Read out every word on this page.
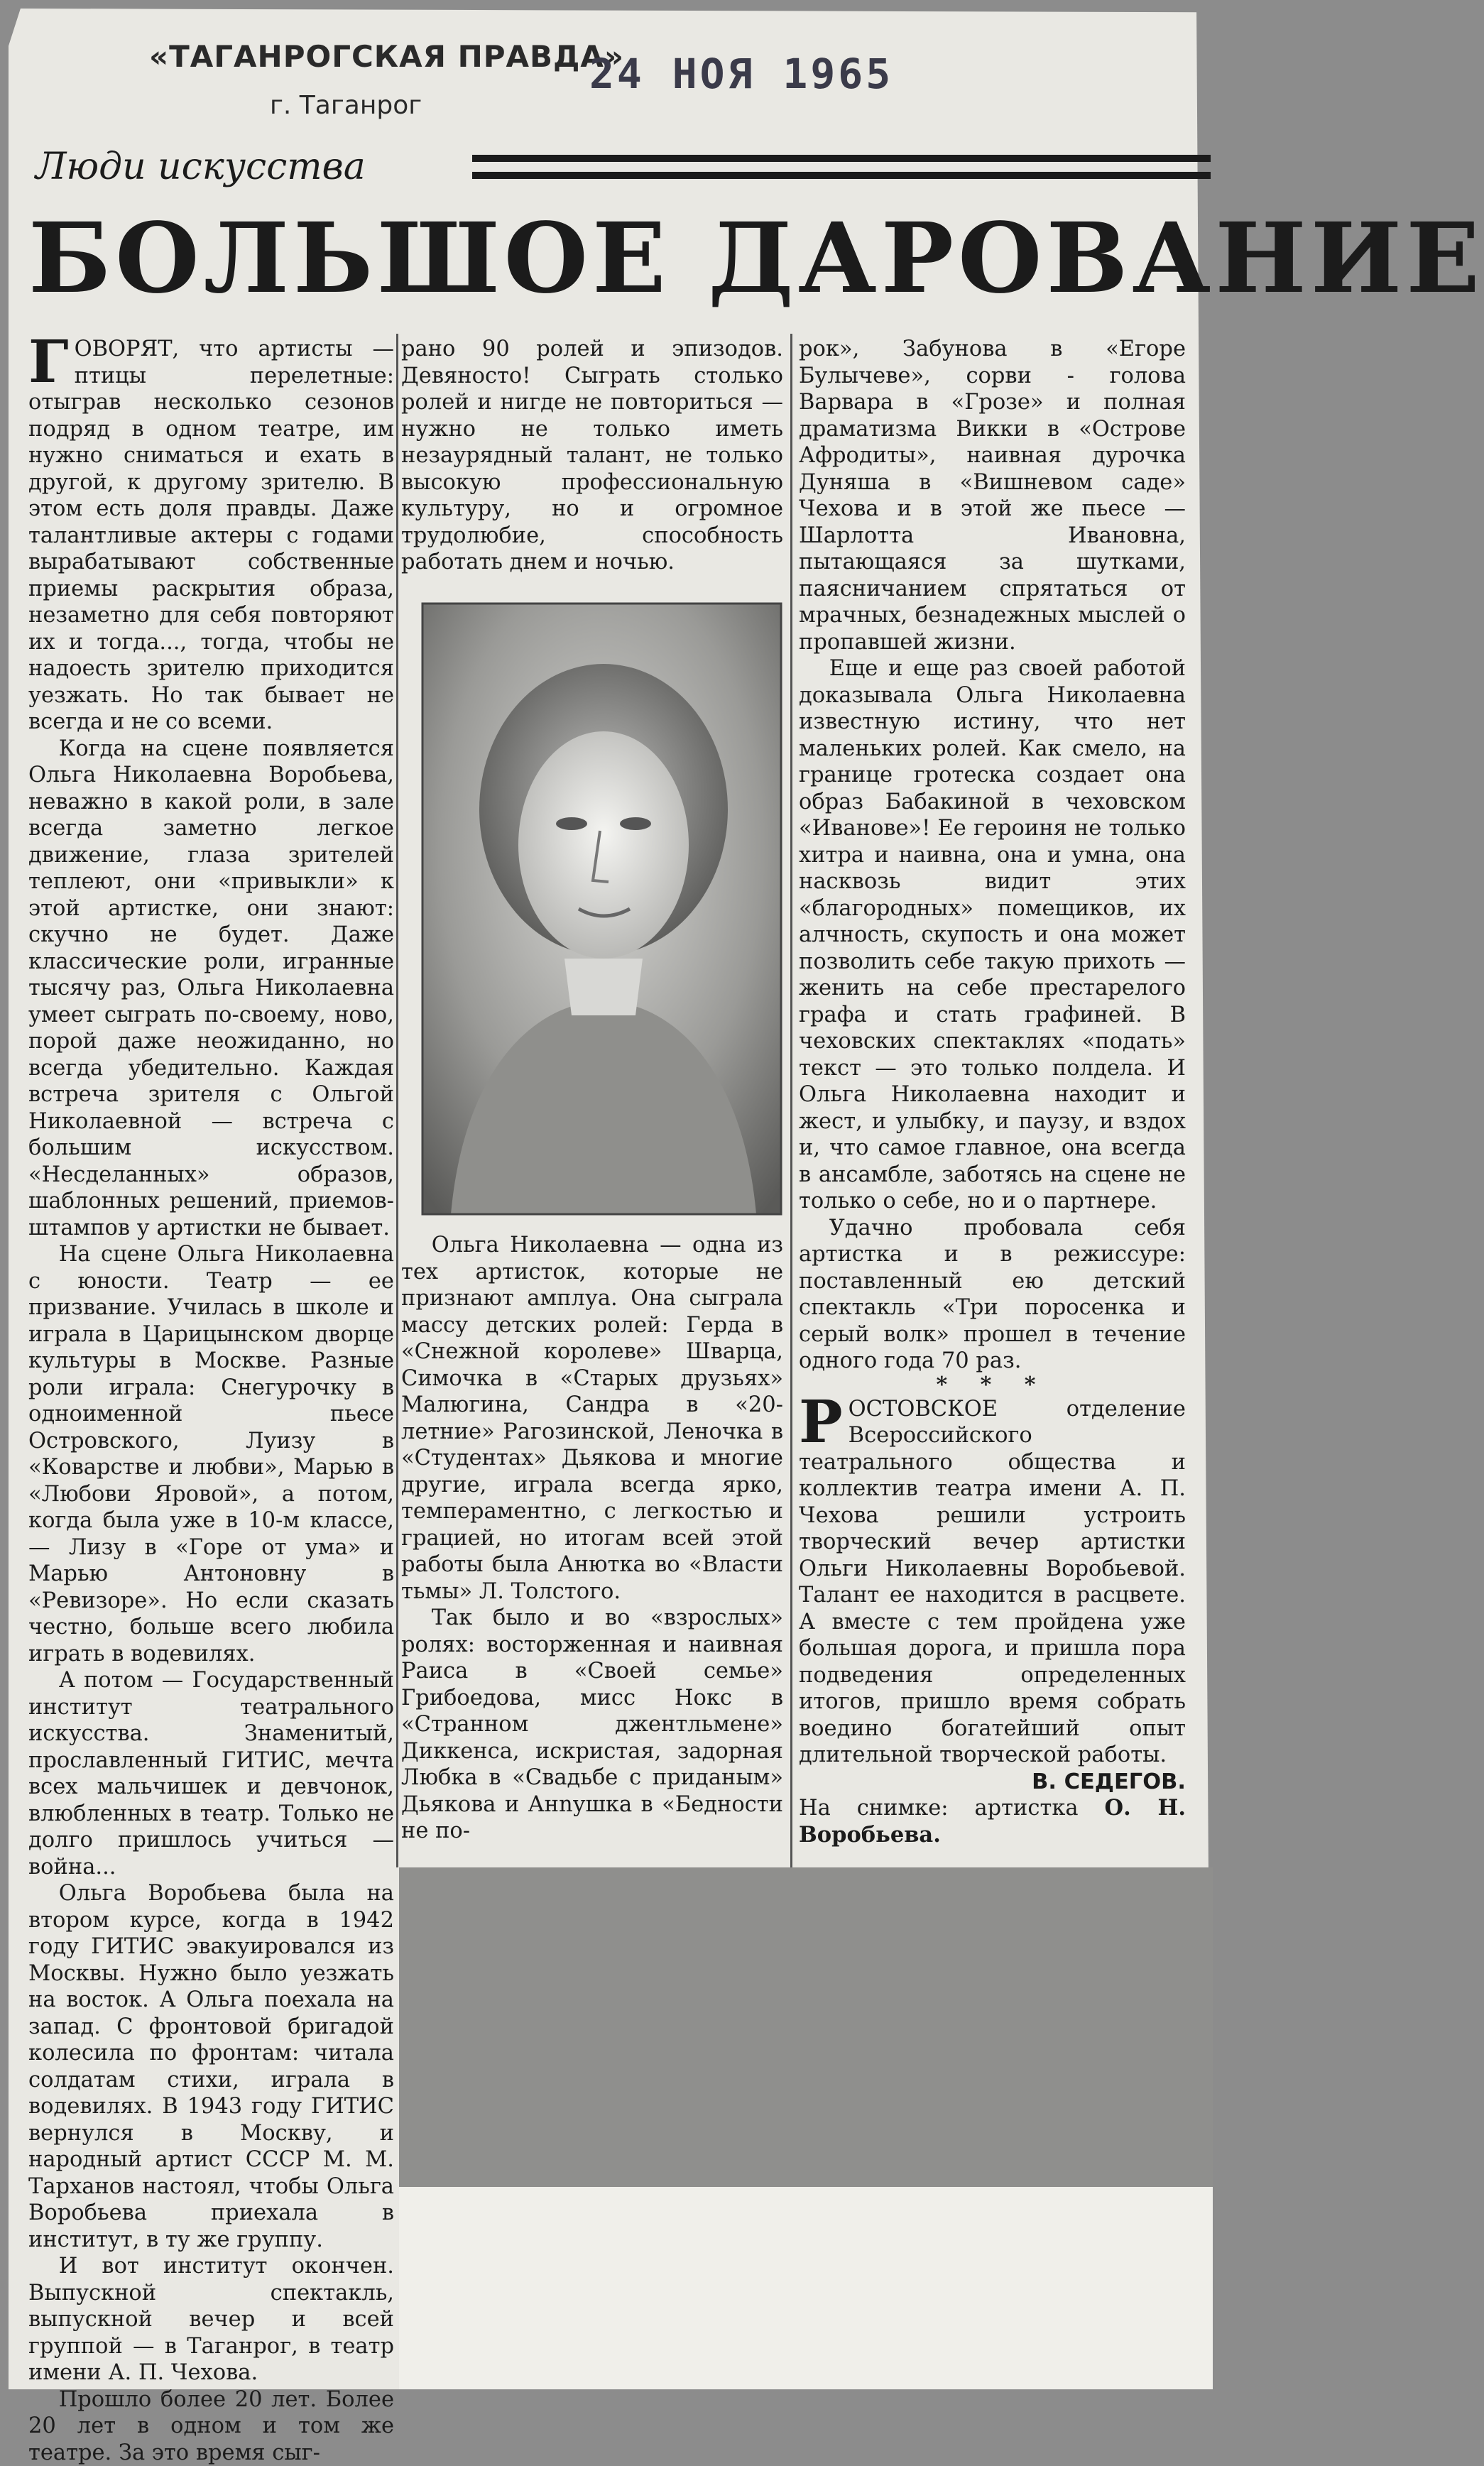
«ТАГАНРОГСКАЯ ПРАВДА»
г. Таганрог
24 НОЯ 1965
Люди искусства
БОЛЬШОЕ ДАРОВАНИЕ

ГОВОРЯТ, что артисты — птицы перелетные: отыграв несколько сезонов подряд в одном театре, им нужно сниматься и ехать в другой, к другому зрителю. В этом есть доля правды. Даже талантливые актеры с годами вырабатывают собственные приемы раскрытия образа, незаметно для себя повторяют их и тогда..., тогда, чтобы не надоесть зрителю приходится уезжать. Но так бывает не всегда и не со всеми.

Когда на сцене появляется Ольга Николаевна Воробьева, неважно в какой роли, в зале всегда заметно легкое движение, глаза зрителей теплеют, они «привыкли» к этой артистке, они знают: скучно не будет. Даже классические роли, игранные тысячу раз, Ольга Николаевна умеет сыграть по-своему, ново, порой даже неожиданно, но всегда убедительно. Каждая встреча зрителя с Ольгой Николаевной — встреча с большим искусством. «Несделанных» образов, шаблонных решений, приемов-штампов у артистки не бывает.

На сцене Ольга Николаевна с юности. Театр — ее призвание. Училась в школе и играла в Царицынском дворце культуры в Москве. Разные роли играла: Снегурочку в одноименной пьесе Островского, Луизу в «Коварстве и любви», Марью в «Любови Яровой», а потом, когда была уже в 10-м классе, — Лизу в «Горе от ума» и Марью Антоновну в «Ревизоре». Но если сказать честно, больше всего любила играть в водевилях.

А потом — Государственный институт театрального искусства. Знаменитый, прославленный ГИТИС, мечта всех мальчишек и девчонок, влюбленных в театр. Только не долго пришлось учиться — война...

Ольга Воробьева была на втором курсе, когда в 1942 году ГИТИС эвакуировался из Москвы. Нужно было уезжать на восток. А Ольга поехала на запад. С фронтовой бригадой колесила по фронтам: читала солдатам стихи, играла в водевилях. В 1943 году ГИТИС вернулся в Москву, и народный артист СССР М. М. Тарханов настоял, чтобы Ольга Воробьева приехала в институт, в ту же группу.

И вот институт окончен. Выпускной спектакль, выпускной вечер и всей группой — в Таганрог, в театр имени А. П. Чехова.

Прошло более 20 лет. Более 20 лет в одном и том же театре. За это время сыг-

рано 90 ролей и эпизодов. Девяносто! Сыграть столько ролей и нигде не повториться — нужно не только иметь незаурядный талант, не только высокую профессиональную культуру, но и огромное трудолюбие, способность работать днем и ночью.

Ольга Николаевна — одна из тех артисток, которые не признают амплуа. Она сыграла массу детских ролей: Герда в «Снежной королеве» Шварца, Симочка в «Старых друзьях» Малюгина, Сандра в «20-летние» Рагозинской, Леночка в «Студентах» Дьякова и многие другие, играла всегда ярко, темпераментно, с легкостью и грацией, но итогам всей этой работы была Анютка во «Власти тьмы» Л. Толстого.

Так было и во «взрослых» ролях: восторженная и наивная Раиса в «Своей семье» Грибоедова, мисс Нокс в «Странном джентльмене» Диккенса, искристая, задорная Любка в «Свадьбе с приданым» Дьякова и Анnушка в «Бедности не по-

рок», Забунова в «Егоре Булычеве», сорви - голова Варвара в «Грозе» и полная драматизма Викки в «Острове Афродиты», наивная дурочка Дуняша в «Вишневом саде» Чехова и в этой же пьесе — Шарлотта Ивановна, пытающаяся за шутками, паясничанием спрятаться от мрачных, безнадежных мыслей о пропавшей жизни.

Еще и еще раз своей работой доказывала Ольга Николаевна известную истину, что нет маленьких ролей. Как смело, на границе гротеска создает она образ Бабакиной в чеховском «Иванове»! Ее героиня не только хитра и наивна, она и умна, она насквозь видит этих «благородных» помещиков, их алчность, скупость и она может позволить себе такую прихоть — женить на себе престарелого графа и стать графиней. В чеховских спектаклях «подать» текст — это только полдела. И Ольга Николаевна находит и жест, и улыбку, и паузу, и вздох и, что самое главное, она всегда в ансамбле, заботясь на сцене не только о себе, но и о партнере.

Удачно пробовала себя артистка и в режиссуре: поставленный ею детский спектакль «Три поросенка и серый волк» прошел в течение одного года 70 раз.

* * *

РОСТОВСКОЕ отделение Всероссийского театрального общества и коллектив театра имени А. П. Чехова решили устроить творческий вечер артистки Ольги Николаевны Воробьевой. Талант ее находится в расцвете. А вместе с тем пройдена уже большая дорога, и пришла пора подведения определенных итогов, пришло время собрать воедино богатейший опыт длительной творческой работы.

В. СЕДЕГОВ.

На снимке: артистка О. Н. Воробьева.
